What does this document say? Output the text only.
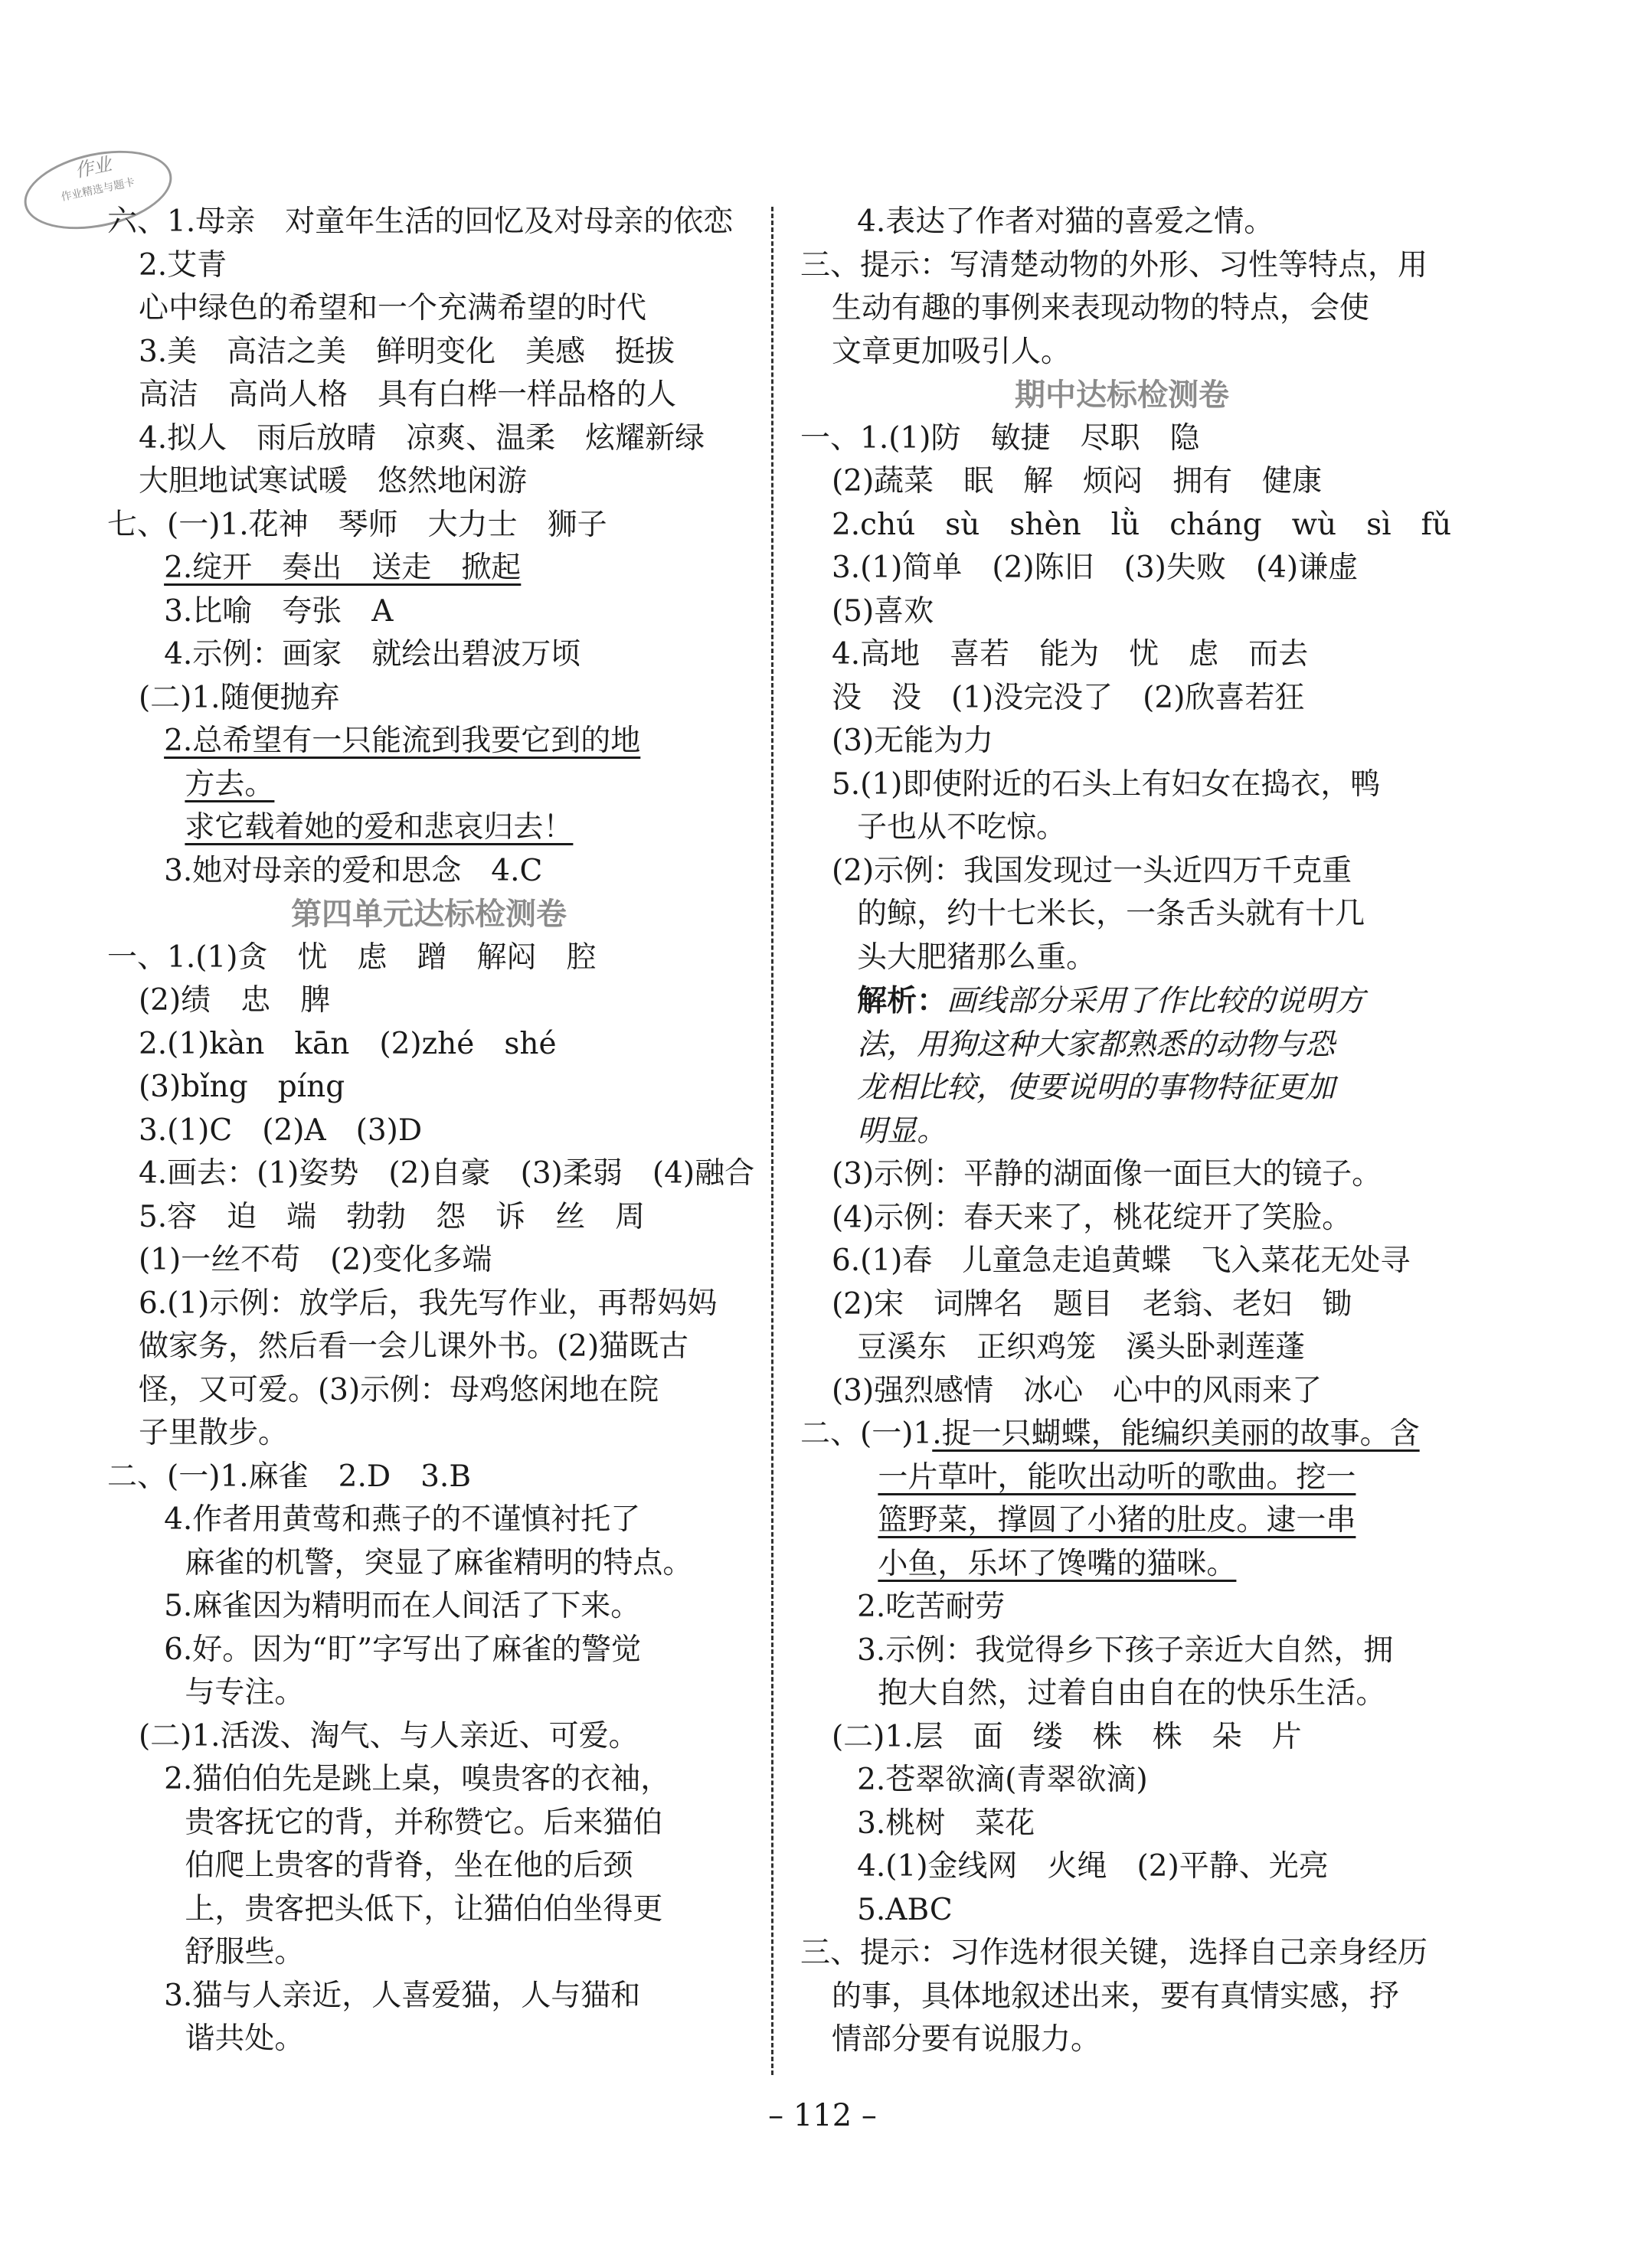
作业
作业精选与题卡
六、1.母亲　对童年生活的回忆及对母亲的依恋
2.艾青
心中绿色的希望和一个充满希望的时代
3.美　高洁之美　鲜明变化　美感　挺拔
高洁　高尚人格　具有白桦一样品格的人
4.拟人　雨后放晴　凉爽、温柔　炫耀新绿
大胆地试寒试暖　悠然地闲游
七、(一)1.花神　琴师　大力士　狮子
2.绽开　奏出　送走　掀起
3.比喻　夸张　A
4.示例：画家　就绘出碧波万顷
(二)1.随便抛弃
2.总希望有一只能流到我要它到的地
方去。
求它载着她的爱和悲哀归去！
3.她对母亲的爱和思念　4.C
第四单元达标检测卷
一、1.(1)贪　忧　虑　蹭　解闷　腔
(2)绩　忠　脾
2.(1)kàn　kān　(2)zhé　shé
(3)bǐng　píng
3.(1)C　(2)A　(3)D
4.画去：(1)姿势　(2)自豪　(3)柔弱　(4)融合
5.容　迫　端　勃勃　怨　诉　丝　周
(1)一丝不苟　(2)变化多端
6.(1)示例：放学后，我先写作业，再帮妈妈
做家务，然后看一会儿课外书。(2)猫既古
怪，又可爱。(3)示例：母鸡悠闲地在院
子里散步。
二、(一)1.麻雀　2.D　3.B
4.作者用黄莺和燕子的不谨慎衬托了
麻雀的机警，突显了麻雀精明的特点。
5.麻雀因为精明而在人间活了下来。
6.好。因为“盯”字写出了麻雀的警觉
与专注。
(二)1.活泼、淘气、与人亲近、可爱。
2.猫伯伯先是跳上桌，嗅贵客的衣袖，
贵客抚它的背，并称赞它。后来猫伯
伯爬上贵客的背脊，坐在他的后颈
上，贵客把头低下，让猫伯伯坐得更
舒服些。
3.猫与人亲近，人喜爱猫，人与猫和
谐共处。
4.表达了作者对猫的喜爱之情。
三、提示：写清楚动物的外形、习性等特点，用
生动有趣的事例来表现动物的特点，会使
文章更加吸引人。
期中达标检测卷
一、1.(1)防　敏捷　尽职　隐
(2)蔬菜　眠　解　烦闷　拥有　健康
2.chú　sù　shèn　lǜ　cháng　wù　sì　fǔ
3.(1)简单　(2)陈旧　(3)失败　(4)谦虚
(5)喜欢
4.高地　喜若　能为　忧　虑　而去
没　没　(1)没完没了　(2)欣喜若狂
(3)无能为力
5.(1)即使附近的石头上有妇女在捣衣，鸭
子也从不吃惊。
(2)示例：我国发现过一头近四万千克重
的鲸，约十七米长，一条舌头就有十几
头大肥猪那么重。
解析：画线部分采用了作比较的说明方
法，用狗这种大家都熟悉的动物与恐
龙相比较，使要说明的事物特征更加
明显。
(3)示例：平静的湖面像一面巨大的镜子。
(4)示例：春天来了，桃花绽开了笑脸。
6.(1)春　儿童急走追黄蝶　飞入菜花无处寻
(2)宋　词牌名　题目　老翁、老妇　锄
豆溪东　正织鸡笼　溪头卧剥莲蓬
(3)强烈感情　冰心　心中的风雨来了
二、(一)1.捉一只蝴蝶，能编织美丽的故事。含
一片草叶，能吹出动听的歌曲。挖一
篮野菜，撑圆了小猪的肚皮。逮一串
小鱼，乐坏了馋嘴的猫咪。
2.吃苦耐劳
3.示例：我觉得乡下孩子亲近大自然，拥
抱大自然，过着自由自在的快乐生活。
(二)1.层　面　缕　株　株　朵　片
2.苍翠欲滴(青翠欲滴)
3.桃树　菜花
4.(1)金线网　火绳　(2)平静、光亮
5.ABC
三、提示：习作选材很关键，选择自己亲身经历
的事，具体地叙述出来，要有真情实感，抒
情部分要有说服力。
– 112 –
